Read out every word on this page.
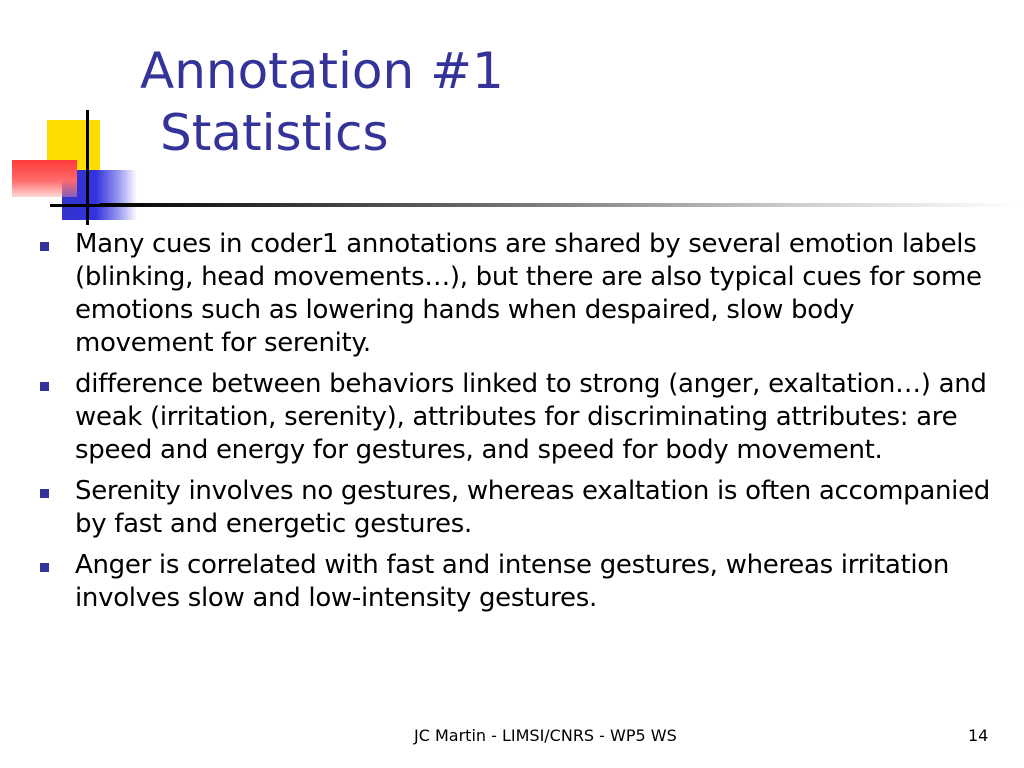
Annotation #1
Statistics
Many cues in coder1 annotations are shared by several emotion labels (blinking, head movements…), but there are also typical cues for some emotions such as lowering hands when despaired, slow body movement for serenity.
difference between behaviors linked to strong (anger, exaltation…) and weak (irritation, serenity), attributes for discriminating attributes: are speed and energy for gestures, and speed for body movement.
Serenity involves no gestures, whereas exaltation is often accompanied by fast and energetic gestures.
Anger is correlated with fast and intense gestures, whereas irritation involves slow and low-intensity gestures.
JC Martin - LIMSI/CNRS - WP5 WS	14
